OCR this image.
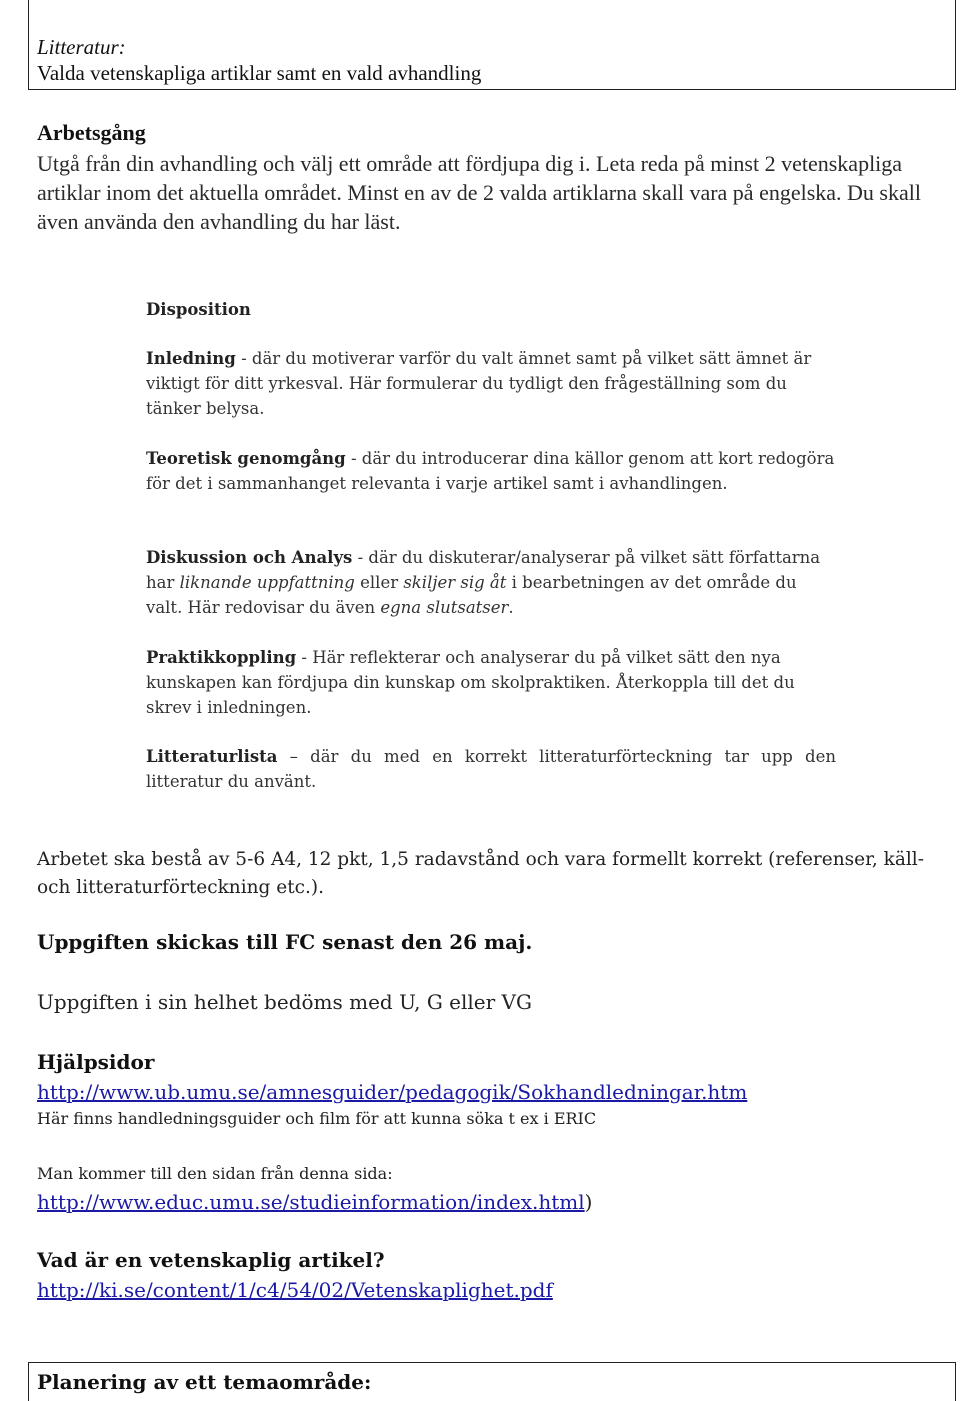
Litteratur:
Valda vetenskapliga artiklar samt en vald avhandling
Arbetsgång
Utgå från din avhandling och välj ett område att fördjupa dig i. Leta reda på minst 2 vetenskapliga artiklar inom det aktuella området. Minst en av de 2 valda artiklarna skall vara på engelska. Du skall även använda den avhandling du har läst.
Disposition
Inledning - där du motiverar varför du valt ämnet samt på vilket sätt ämnet är viktigt för ditt yrkesval. Här formulerar du tydligt den frågeställning som du tänker belysa.
Teoretisk genomgång - där du introducerar dina källor genom att kort redogöra för det i sammanhanget relevanta i varje artikel samt i avhandlingen.
Diskussion och Analys - där du diskuterar/analyserar på vilket sätt författarna har liknande uppfattning eller skiljer sig åt i bearbetningen av det område du valt. Här redovisar du även egna slutsatser.
Praktikkoppling - Här reflekterar och analyserar du på vilket sätt den nya kunskapen kan fördjupa din kunskap om skolpraktiken. Återkoppla till det du skrev i inledningen.
Litteraturlista – där du med en korrekt litteraturförteckning tar upp den litteratur du använt.
Arbetet ska bestå av 5-6 A4, 12 pkt, 1,5 radavstånd och vara formellt korrekt (referenser, käll- och litteraturförteckning etc.).
Uppgiften skickas till FC senast den 26 maj.
Uppgiften i sin helhet bedöms med U, G eller VG
Hjälpsidor
http://www.ub.umu.se/amnesguider/pedagogik/Sokhandledningar.htm
Här finns handledningsguider och film för att kunna söka t ex i ERIC
Man kommer till den sidan från denna sida:
http://www.educ.umu.se/studieinformation/index.html)
Vad är en vetenskaplig artikel?
http://ki.se/content/1/c4/54/02/Vetenskaplighet.pdf
Planering av ett temaområde:
